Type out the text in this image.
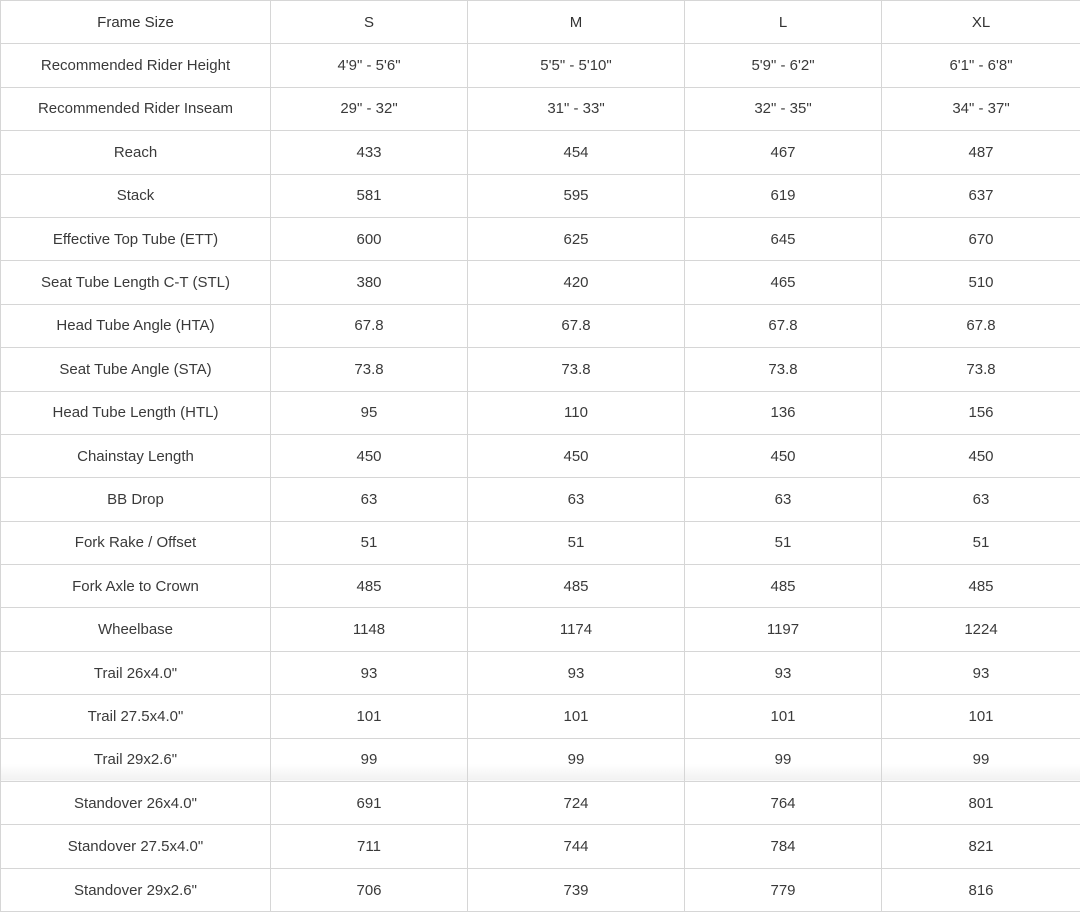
Frame Size	S	M	L	XL
Recommended Rider Height	4'9" - 5'6"	5'5" - 5'10"	5'9" - 6'2"	6'1" - 6'8"
Recommended Rider Inseam	29" - 32"	31" - 33"	32" - 35"	34" - 37"
Reach	433	454	467	487
Stack	581	595	619	637
Effective Top Tube (ETT)	600	625	645	670
Seat Tube Length C-T (STL)	380	420	465	510
Head Tube Angle (HTA)	67.8	67.8	67.8	67.8
Seat Tube Angle (STA)	73.8	73.8	73.8	73.8
Head Tube Length (HTL)	95	110	136	156
Chainstay Length	450	450	450	450
BB Drop	63	63	63	63
Fork Rake / Offset	51	51	51	51
Fork Axle to Crown	485	485	485	485
Wheelbase	1148	1174	1197	1224
Trail 26x4.0"	93	93	93	93
Trail 27.5x4.0"	101	101	101	101
Trail 29x2.6"	99	99	99	99
Standover 26x4.0"	691	724	764	801
Standover 27.5x4.0"	711	744	784	821
Standover 29x2.6"	706	739	779	816
